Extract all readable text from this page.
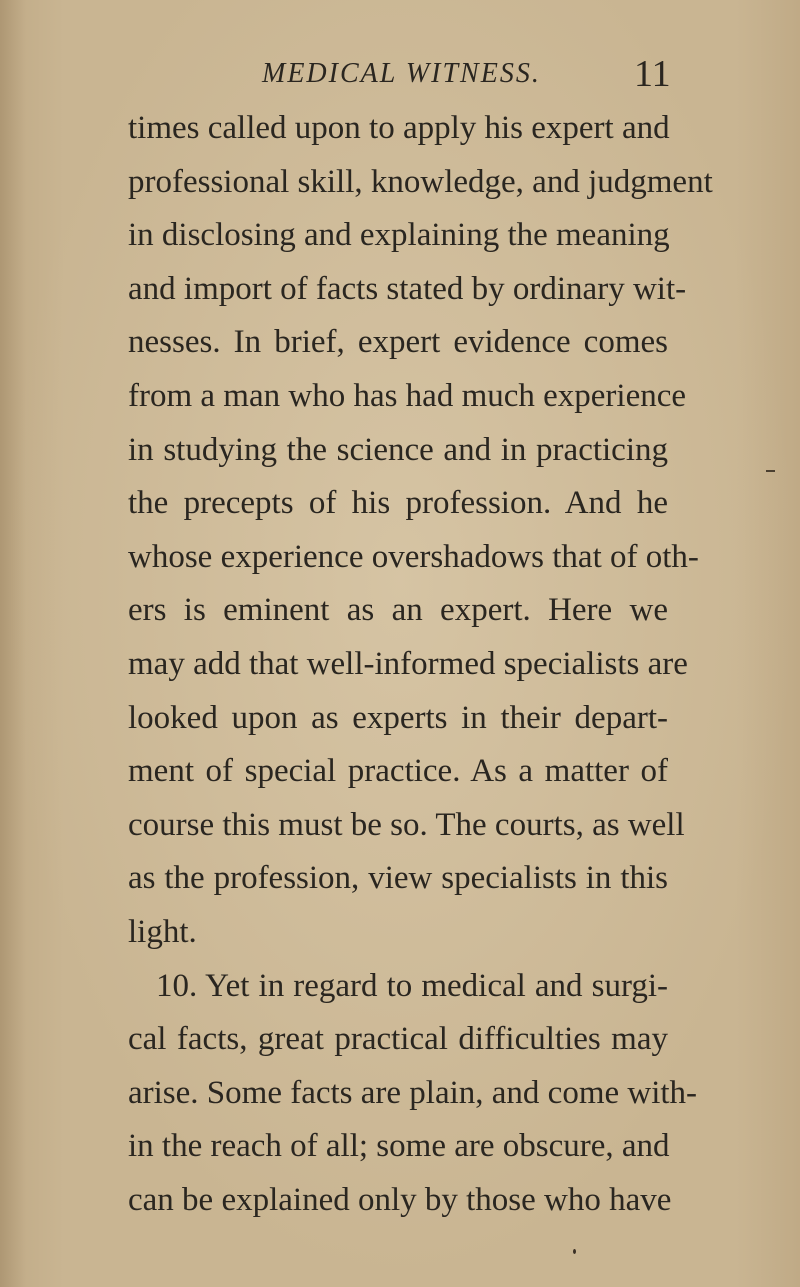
MEDICAL WITNESS. 11
times called upon to apply his expert and
professional skill, knowledge, and judgment
in disclosing and explaining the meaning
and import of facts stated by ordinary wit-
nesses. In brief, expert evidence comes
from a man who has had much experience
in studying the science and in practicing
the precepts of his profession. And he
whose experience overshadows that of oth-
ers is eminent as an expert. Here we
may add that well-informed specialists are
looked upon as experts in their depart-
ment of special practice. As a matter of
course this must be so. The courts, as well
as the profession, view specialists in this
light.
10. Yet in regard to medical and surgi-
cal facts, great practical difficulties may
arise. Some facts are plain, and come with-
in the reach of all; some are obscure, and
can be explained only by those who have
